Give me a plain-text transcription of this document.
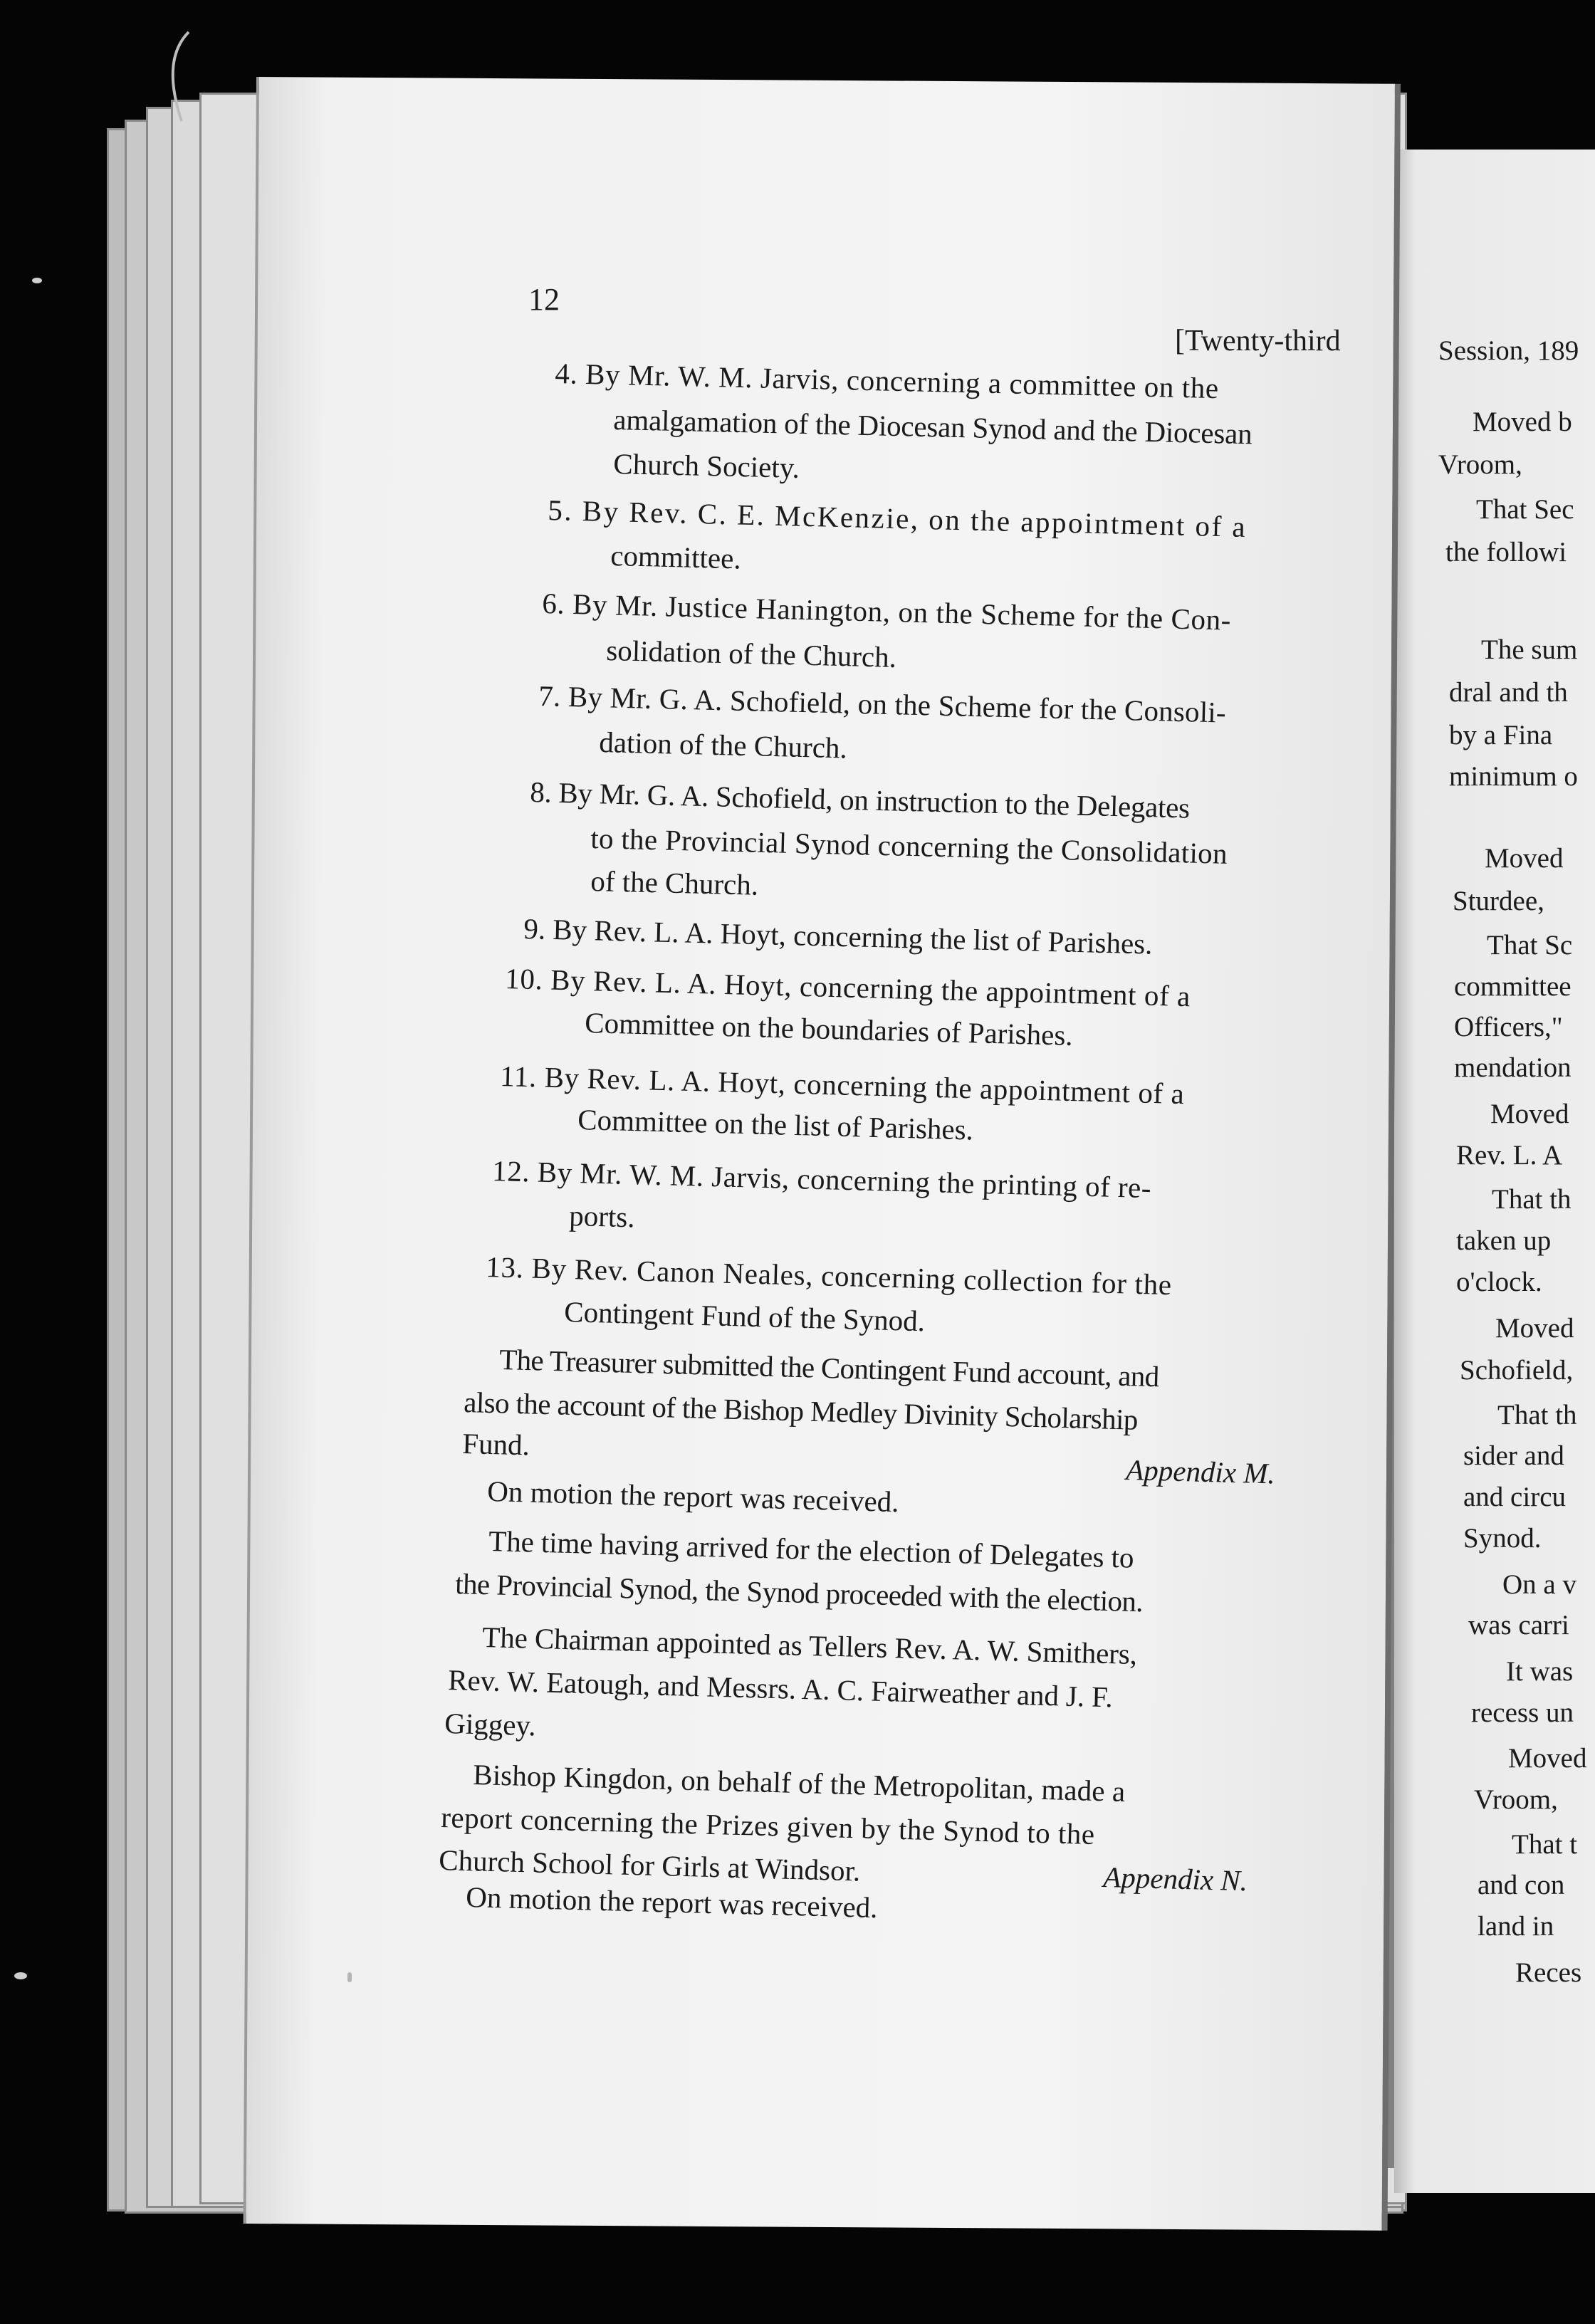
Session, 189
Moved b
Vroom,
That Sec
the followi
The sum
dral and th
by a Fina
minimum o
Moved
Sturdee,
That Sc
committee
Officers,"
mendation
Moved
Rev. L. A
That th
taken up
o'clock.
Moved
Schofield,
That th
sider and
and circu
Synod.
On a v
was carri
It was
recess un
Moved
Vroom,
That t
and con
land in
Reces
12
[Twenty-third
4. By Mr. W. M. Jarvis, concerning a committee on the
amalgamation of the Diocesan Synod and the Diocesan
Church Society.
5. By Rev. C. E. McKenzie, on the appointment of a
committee.
6. By Mr. Justice Hanington, on the Scheme for the Con-
solidation of the Church.
7. By Mr. G. A. Schofield, on the Scheme for the Consoli-
dation of the Church.
8. By Mr. G. A. Schofield, on instruction to the Delegates
to the Provincial Synod concerning the Consolidation
of the Church.
9. By Rev. L. A. Hoyt, concerning the list of Parishes.
10. By Rev. L. A. Hoyt, concerning the appointment of a
Committee on the boundaries of Parishes.
11. By Rev. L. A. Hoyt, concerning the appointment of a
Committee on the list of Parishes.
12. By Mr. W. M. Jarvis, concerning the printing of re-
ports.
13. By Rev. Canon Neales, concerning collection for the
Contingent Fund of the Synod.
The Treasurer submitted the Contingent Fund account, and
also the account of the Bishop Medley Divinity Scholarship
Fund.
Appendix M.
On motion the report was received.
The time having arrived for the election of Delegates to
the Provincial Synod, the Synod proceeded with the election.
The Chairman appointed as Tellers Rev. A. W. Smithers,
Rev. W. Eatough, and Messrs. A. C. Fairweather and J. F.
Giggey.
Bishop Kingdon, on behalf of the Metropolitan, made a
report concerning the Prizes given by the Synod to the
Church School for Girls at Windsor.	Appendix N.
On motion the report was received.
